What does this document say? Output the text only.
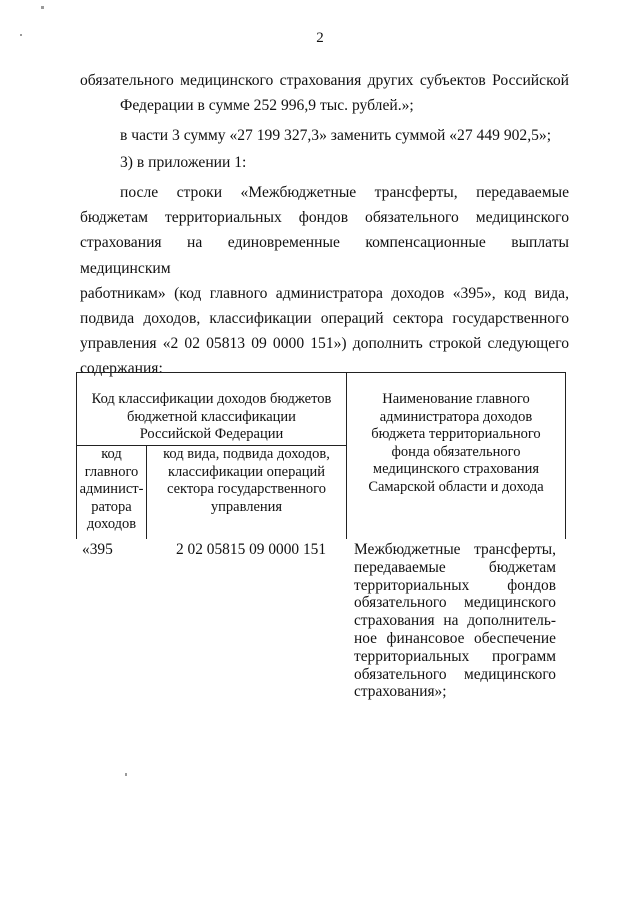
2
обязательного медицинского страхования других субъектов Российской
Федерации в сумме 252 996,9 тыс. рублей.»;
в части 3 сумму «27 199 327,3» заменить суммой «27 449 902,5»;
3) в приложении 1:
после строки «Межбюджетные трансферты, передаваемые
бюджетам территориальных фондов обязательного медицинского
страхования на единовременные компенсационные выплаты медицинским
работникам» (код главного администратора доходов «395», код вида,
подвида доходов, классификации операций сектора государственного
управления «2 02 05813 09 0000 151») дополнить строкой следующего
содержания:
Код классификации доходов бюджетов
бюджетной классификации
Российской Федерации
Наименование главного
администратора доходов
бюджета территориального
фонда обязательного
медицинского страхования
Самарской области и дохода
код
главного
админист-
ратора
доходов
код вида, подвида доходов,
классификации операций
сектора государственного
управления
«395	2 02 05815 09 0000 151 Межбюджетные трансферты,
передаваемые бюджетам
территориальных фондов
обязательного медицинского
страхования на дополнитель-
ное финансовое обеспечение
территориальных программ
обязательного медицинского
страхования»;
